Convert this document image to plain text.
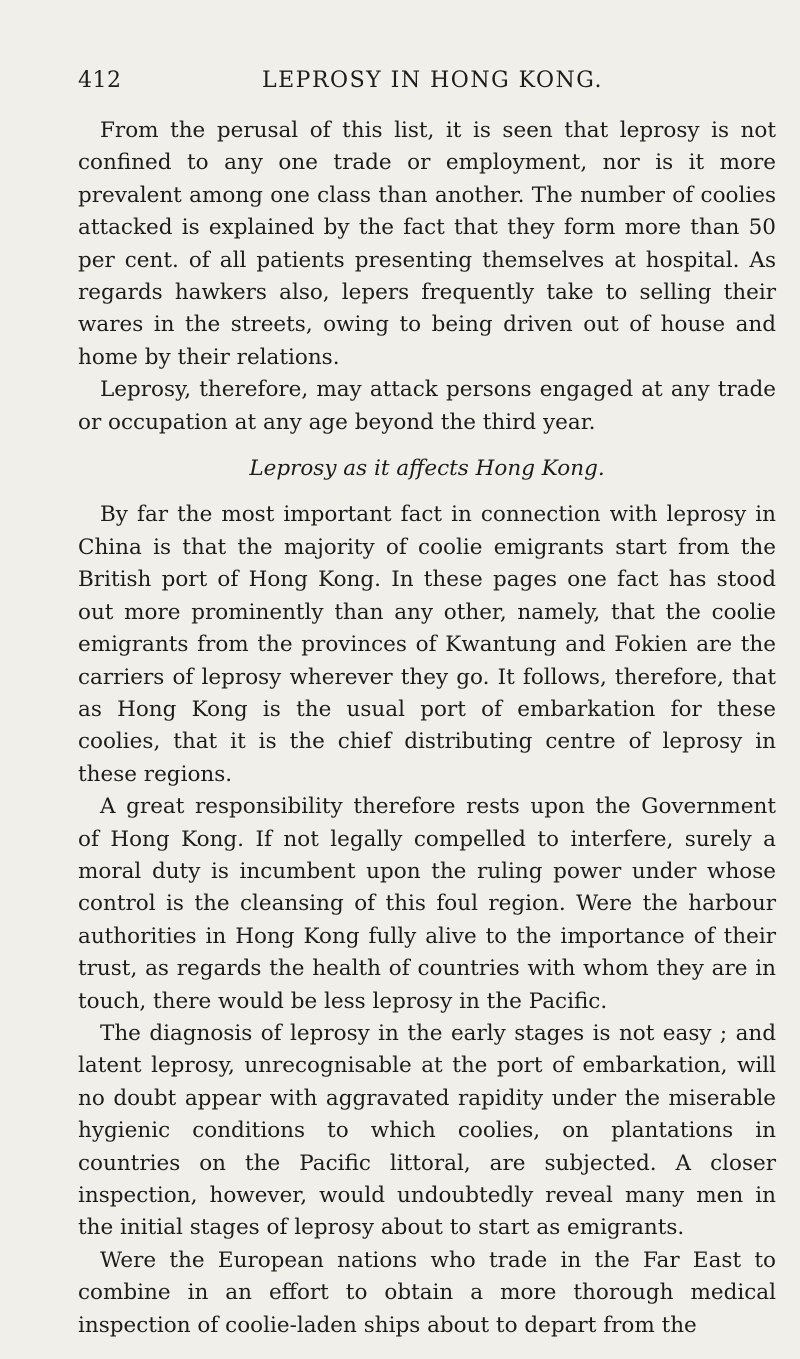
412	LEPROSY IN HONG KONG.

From the perusal of this list, it is seen that leprosy is not confined to any one trade or employment, nor is it more prevalent among one class than another. The number of coolies attacked is explained by the fact that they form more than 50 per cent. of all patients presenting themselves at hospital. As regards hawkers also, lepers frequently take to selling their wares in the streets, owing to being driven out of house and home by their relations.

Leprosy, therefore, may attack persons engaged at any trade or occupation at any age beyond the third year.

Leprosy as it affects Hong Kong.

By far the most important fact in connection with leprosy in China is that the majority of coolie emigrants start from the British port of Hong Kong. In these pages one fact has stood out more prominently than any other, namely, that the coolie emigrants from the provinces of Kwantung and Fokien are the carriers of leprosy wherever they go. It follows, therefore, that as Hong Kong is the usual port of embarkation for these coolies, that it is the chief distributing centre of leprosy in these regions.

A great responsibility therefore rests upon the Government of Hong Kong. If not legally compelled to interfere, surely a moral duty is incumbent upon the ruling power under whose control is the cleansing of this foul region. Were the harbour authorities in Hong Kong fully alive to the importance of their trust, as regards the health of countries with whom they are in touch, there would be less leprosy in the Pacific.

The diagnosis of leprosy in the early stages is not easy ; and latent leprosy, unrecognisable at the port of embarkation, will no doubt appear with aggravated rapidity under the miserable hygienic conditions to which coolies, on plantations in countries on the Pacific littoral, are subjected. A closer inspection, however, would undoubtedly reveal many men in the initial stages of leprosy about to start as emigrants.

Were the European nations who trade in the Far East to combine in an effort to obtain a more thorough medical inspection of coolie-laden ships about to depart from the
